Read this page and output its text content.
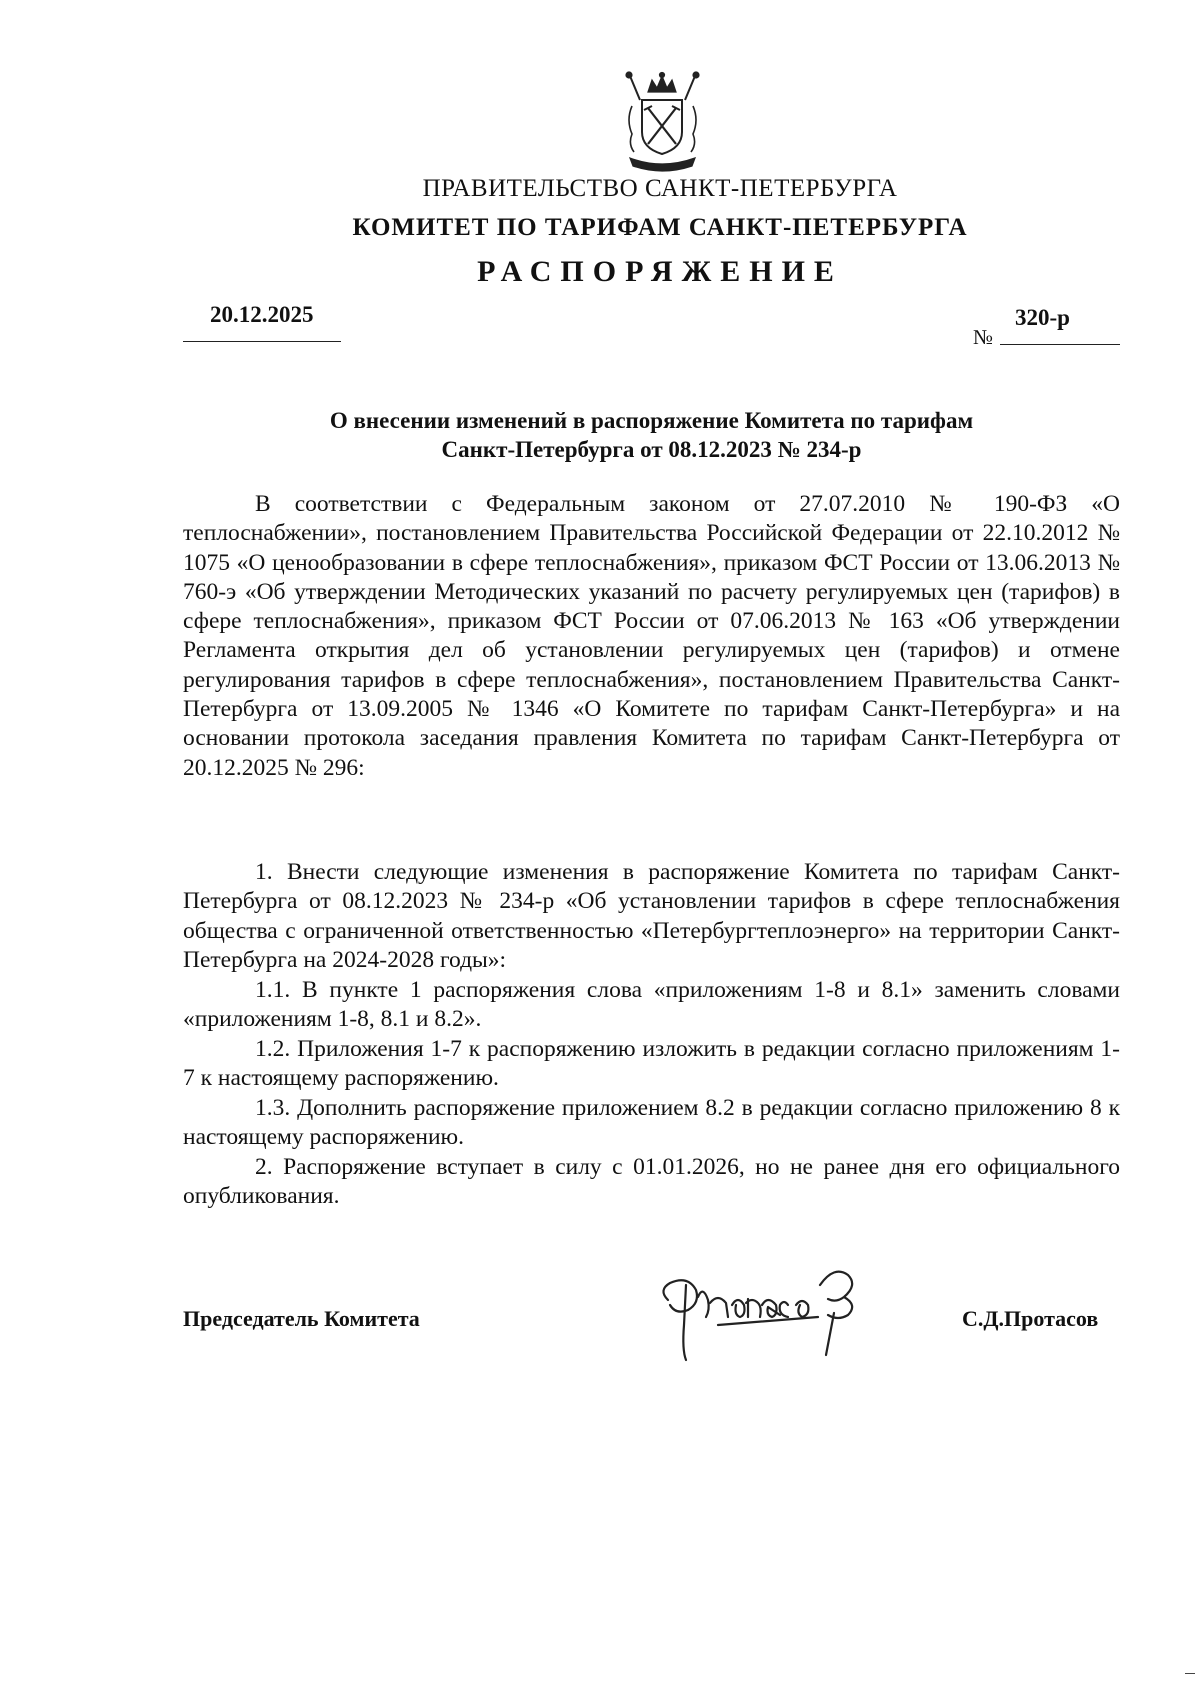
ПРАВИТЕЛЬСТВО САНКТ-ПЕТЕРБУРГА
КОМИТЕТ ПО ТАРИФАМ САНКТ-ПЕТЕРБУРГА
РАСПОРЯЖЕНИЕ
20.12.2025
№
320-р
О внесении изменений в распоряжение Комитета по тарифам
Санкт-Петербурга от 08.12.2023 № 234-р

В соответствии с Федеральным законом от 27.07.2010 № 190-ФЗ «О теплоснабжении», постановлением Правительства Российской Федерации от 22.10.2012 № 1075 «О ценообразовании в сфере теплоснабжения», приказом ФСТ России от 13.06.2013 № 760-э «Об утверждении Методических указаний по расчету регулируемых цен (тарифов) в сфере теплоснабжения», приказом ФСТ России от 07.06.2013 № 163 «Об утверждении Регламента открытия дел об установлении регулируемых цен (тарифов) и отмене регулирования тарифов в сфере теплоснабжения», постановлением Правительства Санкт-Петербурга от 13.09.2005 № 1346 «О Комитете по тарифам Санкт-Петербурга» и на основании протокола заседания правления Комитета по тарифам Санкт-Петербурга от 20.12.2025 № 296:

1. Внести следующие изменения в распоряжение Комитета по тарифам Санкт-Петербурга от 08.12.2023 № 234-р «Об установлении тарифов в сфере теплоснабжения общества с ограниченной ответственностью «Петербургтеплоэнерго» на территории Санкт-Петербурга на 2024-2028 годы»:

1.1. В пункте 1 распоряжения слова «приложениям 1-8 и 8.1» заменить словами «приложениям 1-8, 8.1 и 8.2».

1.2. Приложения 1-7 к распоряжению изложить в редакции согласно приложениям 1-7 к настоящему распоряжению.

1.3. Дополнить распоряжение приложением 8.2 в редакции согласно приложению 8 к настоящему распоряжению.

2. Распоряжение вступает в силу с 01.01.2026, но не ранее дня его официального опубликования.

Председатель Комитета	С.Д.Протасов
